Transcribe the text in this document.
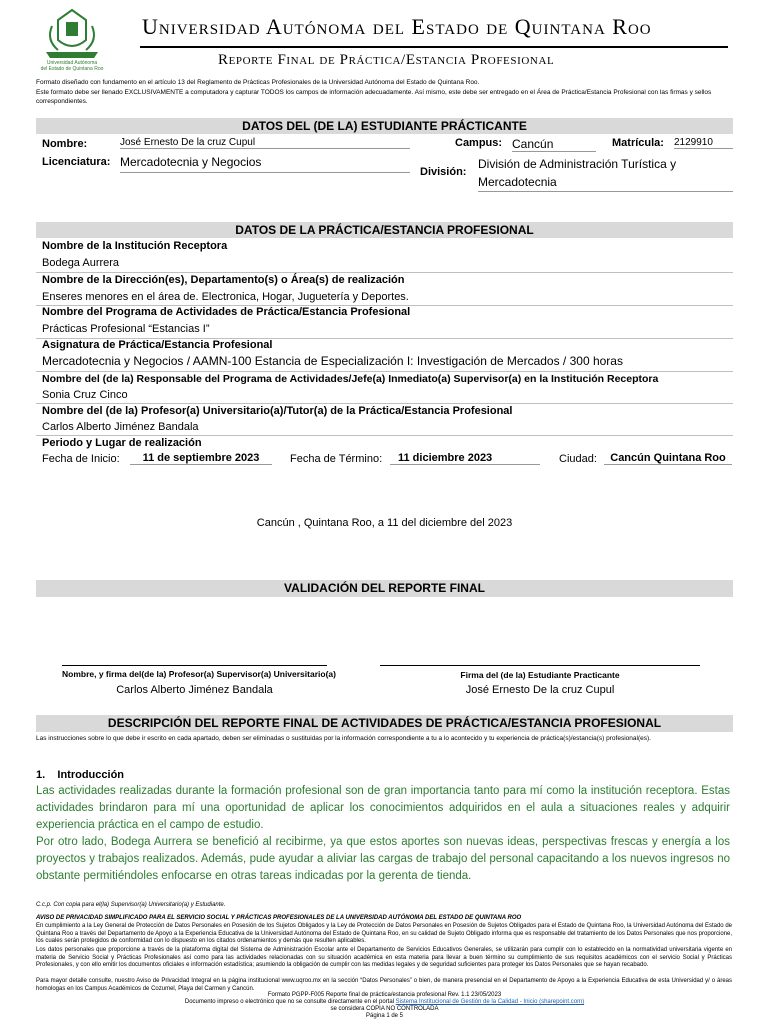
Universidad Autónoma
del Estado de Quintana Roo
Universidad Autónoma del Estado de Quintana Roo
Reporte Final de Práctica/Estancia Profesional
Formato diseñado con fundamento en el artículo 13 del Reglamento de Prácticas Profesionales de la Universidad Autónoma del Estado de Quintana Roo.
Este formato debe ser llenado EXCLUSIVAMENTE a computadora y capturar TODOS los campos de información adecuadamente. Así mismo, este debe ser entregado en el Área de Práctica/Estancia Profesional con las firmas y sellos correspondientes.
DATOS DEL (DE LA) ESTUDIANTE PRÁCTICANTE
Nombre:	José Ernesto De la cruz Cupul	Campus: Cancún	Matrícula: 2129910
Licenciatura: Mercadotecnia y Negocios
División:
División de Administración Turística y
Mercadotecnia
DATOS DE LA PRÁCTICA/ESTANCIA PROFESIONAL
Nombre de la Institución Receptora
Bodega Aurrera
Nombre de la Dirección(es), Departamento(s) o Área(s) de realización
Enseres menores en el área de. Electronica, Hogar, Juguetería y Deportes.
Nombre del Programa de Actividades de Práctica/Estancia Profesional
Prácticas Profesional “Estancias I”
Asignatura de Práctica/Estancia Profesional
Mercadotecnia y Negocios / AAMN-100 Estancia de Especialización I: Investigación de Mercados / 300 horas
Nombre del (de la) Responsable del Programa de Actividades/Jefe(a) Inmediato(a) Supervisor(a) en la Institución Receptora
Sonia Cruz Cinco
Nombre del (de la) Profesor(a) Universitario(a)/Tutor(a) de la Práctica/Estancia Profesional
Carlos Alberto Jiménez Bandala
Periodo y Lugar de realización
Fecha de Inicio:	11 de septiembre 2023	Fecha de Término:	11 diciembre 2023	Ciudad:	Cancún Quintana Roo
Cancún , Quintana Roo, a 11 del diciembre del 2023
VALIDACIÓN DEL REPORTE FINAL
Nombre, y firma del(de la) Profesor(a) Supervisor(a) Universitario(a)	Firma del (de la) Estudiante Practicante
Carlos Alberto Jiménez Bandala	José Ernesto De la cruz Cupul
DESCRIPCIÓN DEL REPORTE FINAL DE ACTIVIDADES DE PRÁCTICA/ESTANCIA PROFESIONAL
Las instrucciones sobre lo que debe ir escrito en cada apartado, deben ser eliminadas o sustituidas por la información correspondiente a tu a lo acontecido y tu experiencia de práctica(s)/estancia(s) profesional(es).
1.    Introducción
Las actividades realizadas durante la formación profesional son de gran importancia tanto para mí como la institución receptora. Estas actividades brindaron para mí una oportunidad de aplicar los conocimientos adquiridos en el aula a situaciones reales y adquirir experiencia práctica en el campo de estudio.
Por otro lado, Bodega Aurrera se benefició al recibirme, ya que estos aportes son nuevas ideas, perspectivas frescas y energía a los proyectos y trabajos realizados. Además, pude ayudar a aliviar las cargas de trabajo del personal capacitando a los nuevos ingresos no obstante permitiéndoles enfocarse en otras tareas indicadas por la gerenta de tienda.
C.c.p. Con copia para el(la) Supervisor(a) Universitario(a) y Estudiante.
AVISO DE PRIVACIDAD SIMPLIFICADO PARA EL SERVICIO SOCIAL Y PRÁCTICAS PROFESIONALES DE LA UNIVERSIDAD AUTÓNOMA DEL ESTADO DE QUINTANA ROO
En cumplimiento a la Ley General de Protección de Datos Personales en Posesión de los Sujetos Obligados y la Ley de Protección de Datos Personales en Posesión de Sujetos Obligados para el Estado de Quintana Roo, la Universidad Autónoma del Estado de Quintana Roo a través del Departamento de Apoyo a la Experiencia Educativa de la Universidad Autónoma del Estado de Quintana Roo, en su calidad de Sujeto Obligado informa que es responsable del tratamiento de los Datos Personales que nos proporcione, los cuales serán protegidos de conformidad con lo dispuesto en los citados ordenamientos y demás que resulten aplicables.
Los datos personales que proporcione a través de la plataforma digital del Sistema de Administración Escolar ante el Departamento de Servicios Educativos Generales, se utilizarán para cumplir con lo establecido en la normatividad universitaria vigente en materia de Servicio Social y Prácticas Profesionales así como para las actividades relacionadas con su situación académica en esta materia para llevar a buen término su cumplimiento de sus requisitos académicos con el servicio Social y Prácticas Profesionales, y con ello emitir los documentos oficiales e información estadística; asumiendo la obligación de cumplir con las medidas legales y de seguridad suficientes para proteger los Datos Personales que se hayan recabado.
Para mayor detalle consulte, nuestro Aviso de Privacidad Integral en la página institucional www.uqroo.mx en la sección “Datos Personales” o bien, de manera presencial en el Departamento de Apoyo a la Experiencia Educativa de esta Universidad y/ o áreas homologas en los Campus Académicos de Cozumel, Playa del Carmen y Cancún.
Formato PGPP-F005 Reporte final de práctica/estancia profesional Rev. 1.1 23/05/2023
Documento impreso o electrónico que no se consulte directamente en el portal Sistema Institucional de Gestión de la Calidad - Inicio (sharepoint.com)
se considera COPIA NO CONTROLADA
Página 1 de 5
